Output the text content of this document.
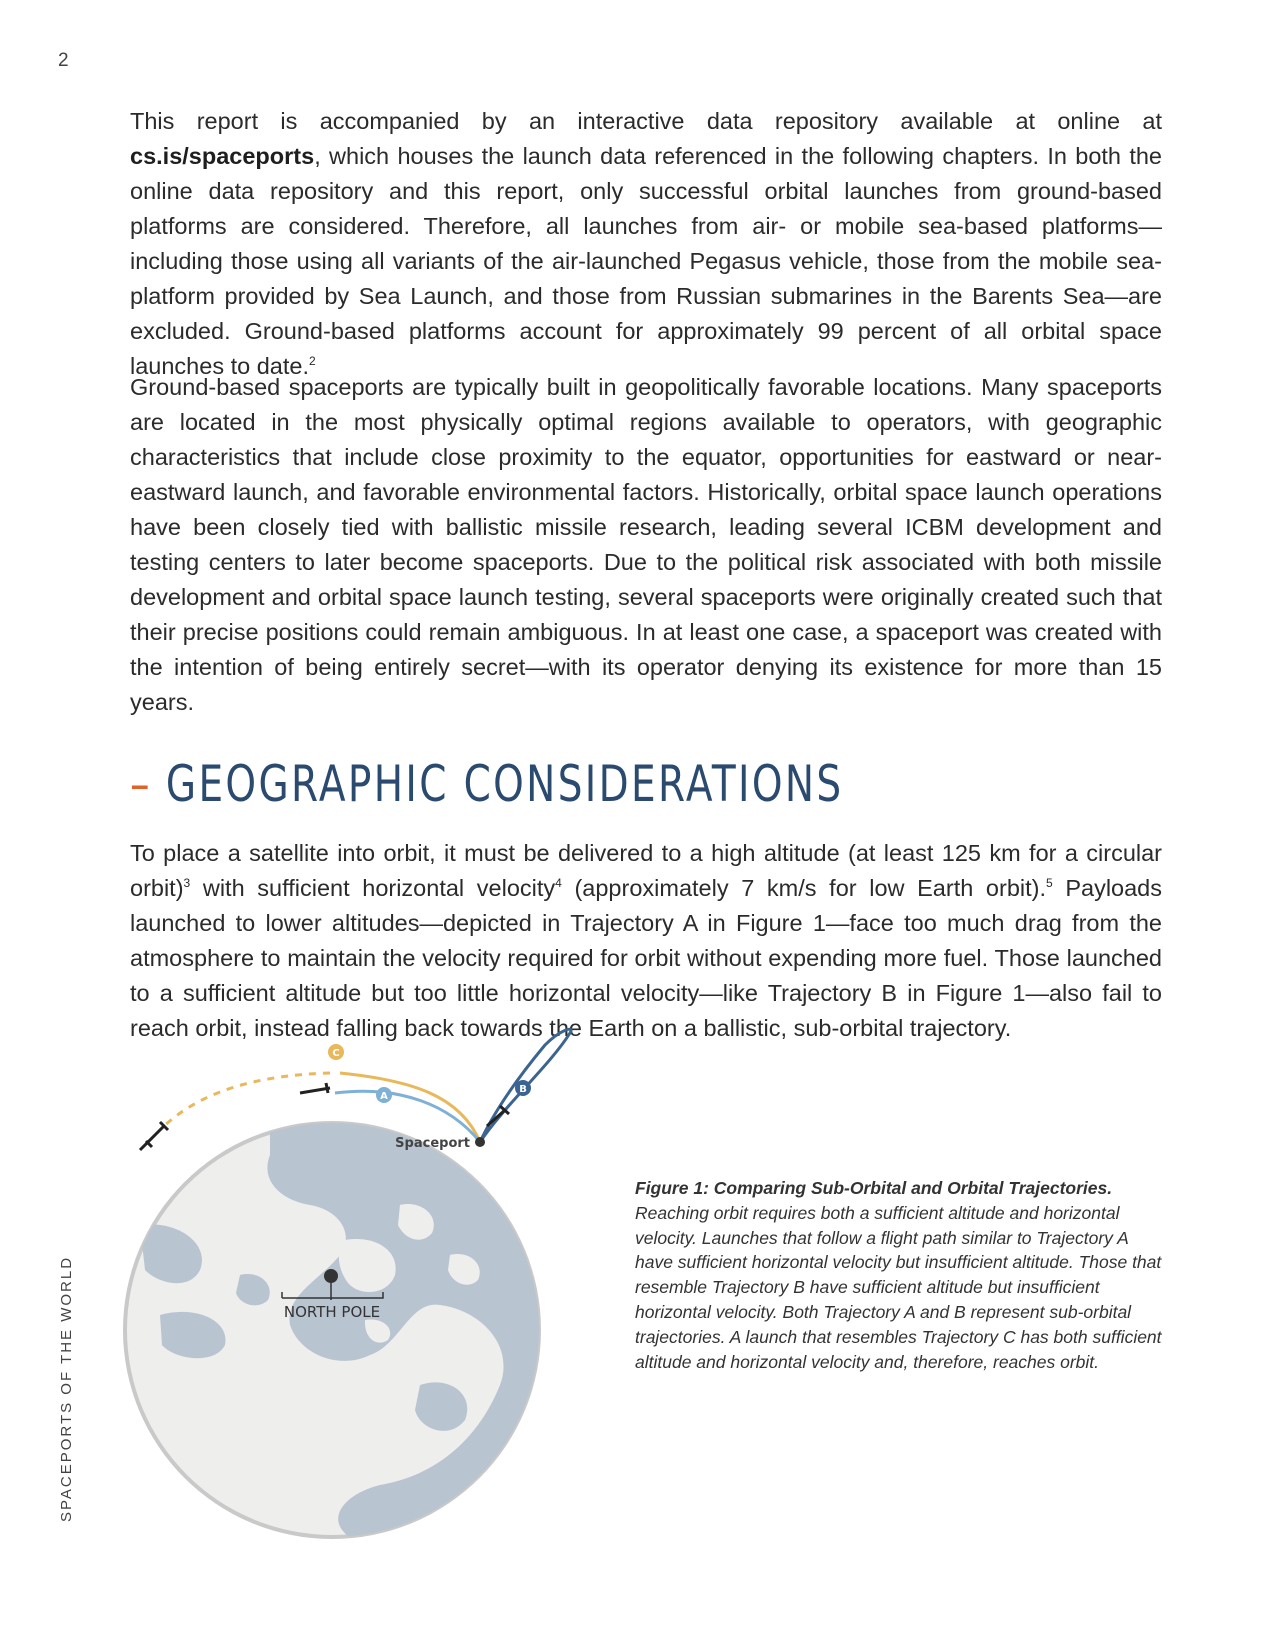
2
SPACEPORTS OF THE WORLD

This report is accompanied by an interactive data repository available at online at cs.is/spaceports, which houses the launch data referenced in the following chapters. In both the online data repository and this report, only successful orbital launches from ground-based platforms are considered. Therefore, all launches from air- or mobile sea-based platforms—including those using all variants of the air-launched Pegasus vehicle, those from the mobile sea-platform provided by Sea Launch, and those from Russian submarines in the Barents Sea—are excluded. Ground-based platforms account for approximately 99 percent of all orbital space launches to date.$^2$

Ground-based spaceports are typically built in geopolitically favorable locations. Many spaceports are located in the most physically optimal regions available to operators, with geographic characteristics that include close proximity to the equator, opportunities for eastward or near-eastward launch, and favorable environmental factors. Historically, orbital space launch operations have been closely tied with ballistic missile research, leading several ICBM development and testing centers to later become spaceports. Due to the political risk associated with both missile development and orbital space launch testing, several spaceports were originally created such that their precise positions could remain ambiguous. In at least one case, a spaceport was created with the intention of being entirely secret—with its operator denying its existence for more than 15 years.

– GEOGRAPHIC CONSIDERATIONS

To place a satellite into orbit, it must be delivered to a high altitude (at least 125 km for a circular orbit)$^3$ with sufficient horizontal velocity$^4$ (approximately 7 km/s for low Earth orbit).$^5$ Payloads launched to lower altitudes—depicted in Trajectory A in Figure 1—face too much drag from the atmosphere to maintain the velocity required for orbit without expending more fuel. Those launched to a sufficient altitude but too little horizontal velocity—like Trajectory B in Figure 1—also fail to reach orbit, instead falling back towards the Earth on a ballistic, sub-orbital trajectory.

NORTH POLE
C
A
B
Spaceport

Figure 1: Comparing Sub-Orbital and Orbital Trajectories. Reaching orbit requires both a sufficient altitude and horizontal velocity. Launches that follow a flight path similar to Trajectory A have sufficient horizontal velocity but insufficient altitude. Those that resemble Trajectory B have sufficient altitude but insufficient horizontal velocity. Both Trajectory A and B represent sub-orbital trajectories. A launch that resembles Trajectory C has both sufficient altitude and horizontal velocity and, therefore, reaches orbit.
